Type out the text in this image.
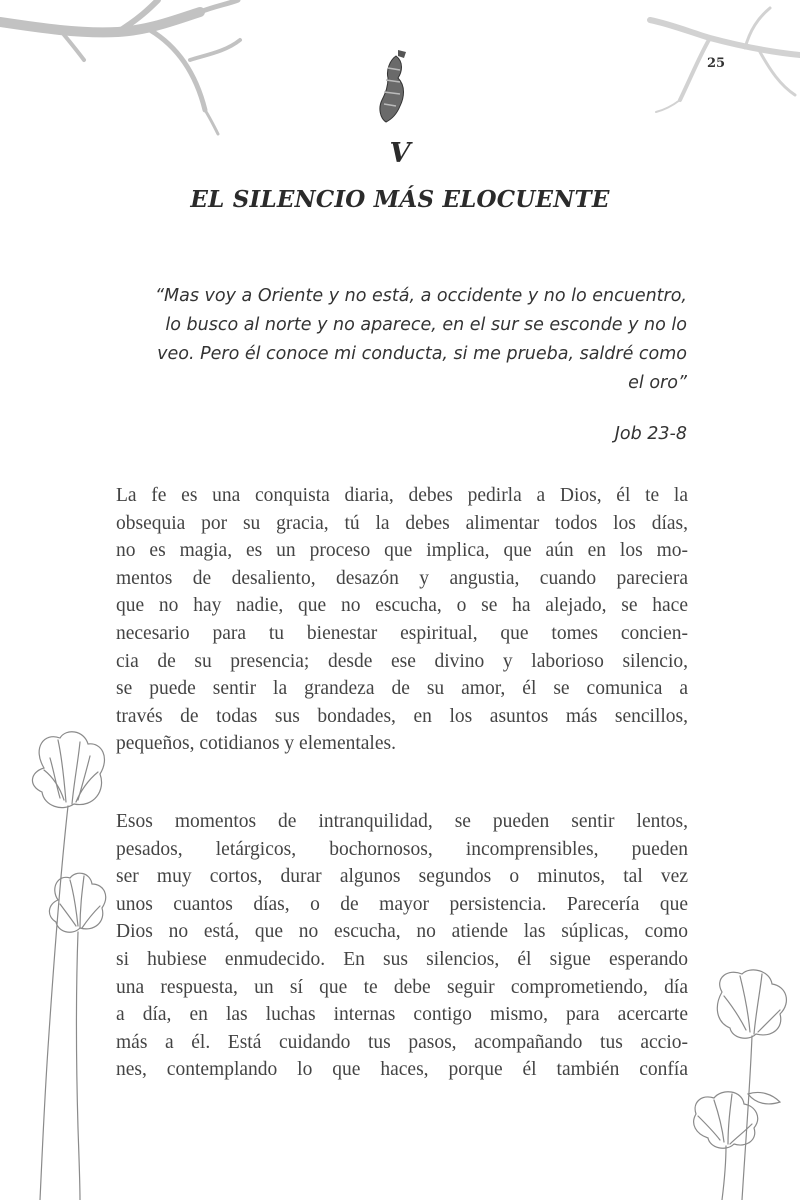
25
V
EL SILENCIO MÁS ELOCUENTE

“Mas voy a Oriente y no está, a occidente y no lo encuentro,

lo busco al norte y no aparece, en el sur se esconde y no lo

veo. Pero él conoce mi conducta, si me prueba, saldré como

el oro”

Job 23-8

La fe es una conquista diaria, debes pedirla a Dios, él te la
obsequia por su gracia, tú la debes alimentar todos los días,
no es magia, es un proceso que implica, que aún en los mo-
mentos de desaliento, desazón y angustia, cuando pareciera
que no hay nadie, que no escucha, o se ha alejado, se hace
necesario para tu bienestar espiritual, que tomes concien-
cia de su presencia; desde ese divino y laborioso silencio,
se puede sentir la grandeza de su amor, él se comunica a
través de todas sus bondades, en los asuntos más sencillos,
pequeños, cotidianos y elementales.

Esos momentos de intranquilidad, se pueden sentir lentos,
pesados, letárgicos, bochornosos, incomprensibles, pueden
ser muy cortos, durar algunos segundos o minutos, tal vez
unos cuantos días, o de mayor persistencia. Parecería que
Dios no está, que no escucha, no atiende las súplicas, como
si hubiese enmudecido. En sus silencios, él sigue esperando
una respuesta, un sí que te debe seguir comprometiendo, día
a día, en las luchas internas contigo mismo, para acercarte
más a él. Está cuidando tus pasos, acompañando tus accio-
nes, contemplando lo que haces, porque él también confía
